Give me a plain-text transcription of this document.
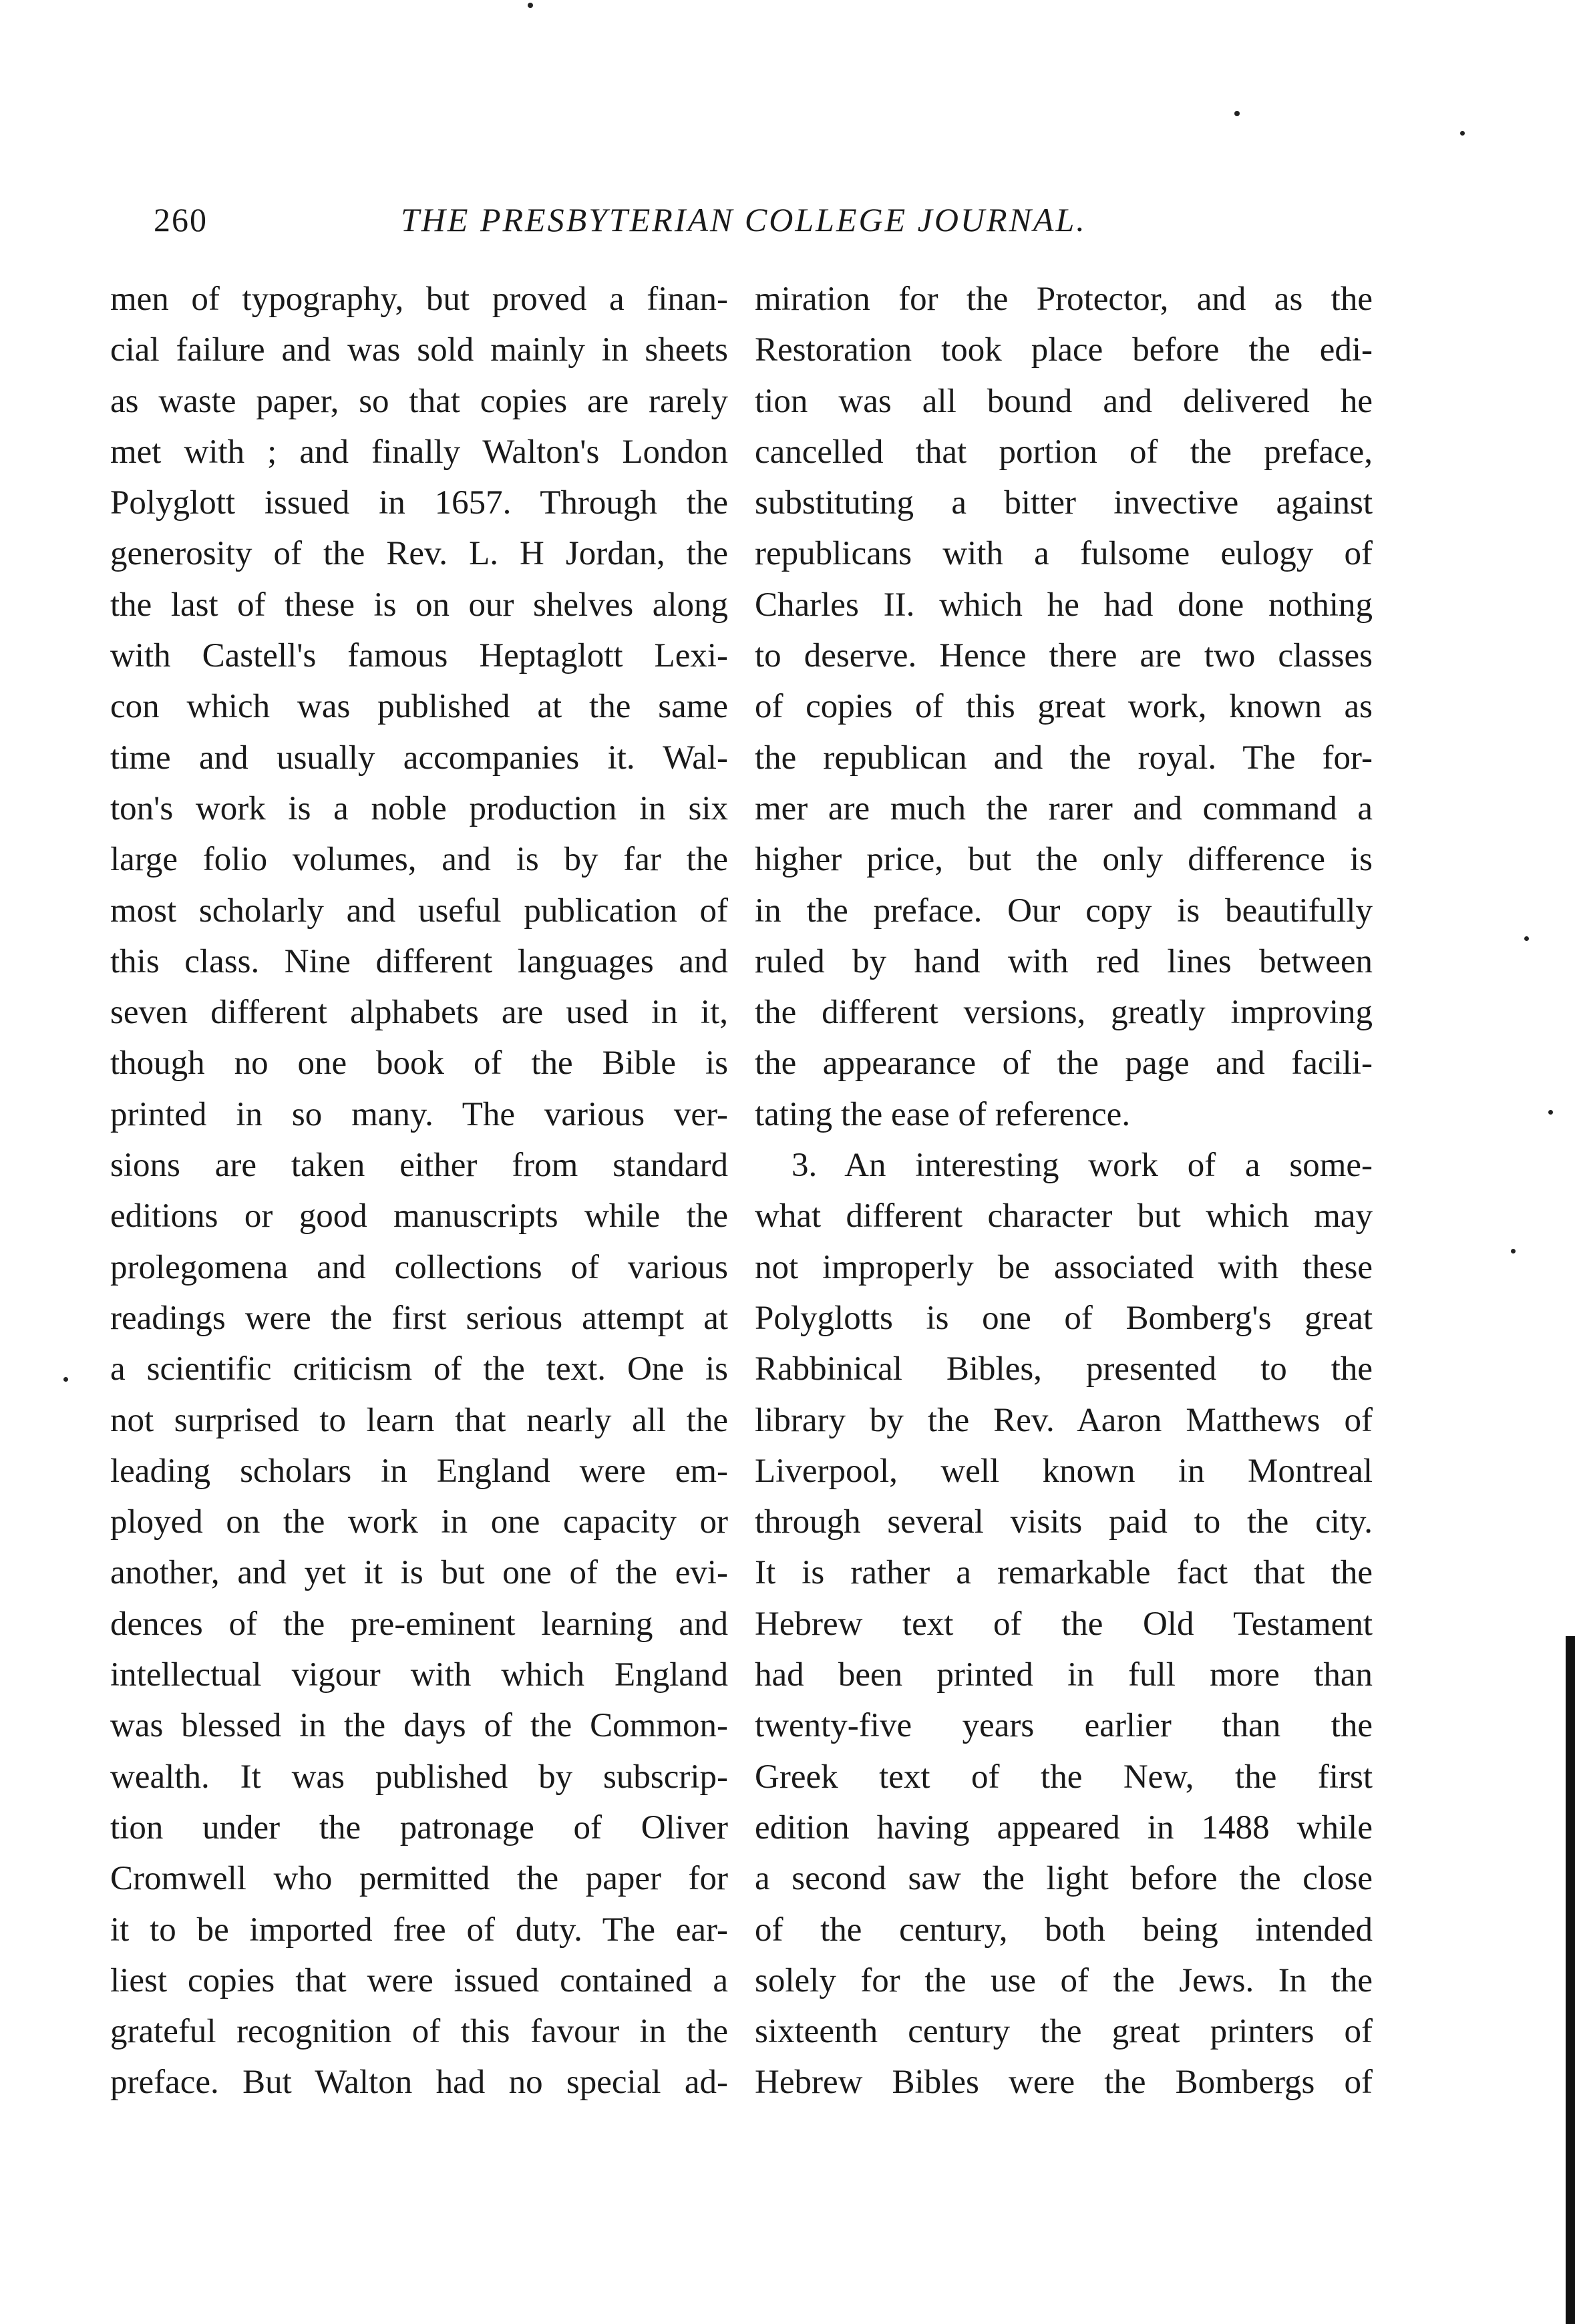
260	THE PRESBYTERIAN COLLEGE JOURNAL.
men of typography, but proved a finan-
cial failure and was sold mainly in sheets
as waste paper, so that copies are rarely
met with ; and finally Walton's London
Polyglott issued in 1657. Through the
generosity of the Rev. L. H Jordan, the
the last of these is on our shelves along
with Castell's famous Heptaglott Lexi-
con which was published at the same
time and usually accompanies it. Wal-
ton's work is a noble production in six
large folio volumes, and is by far the
most scholarly and useful publication of
this class. Nine different languages and
seven different alphabets are used in it,
though no one book of the Bible is
printed in so many. The various ver-
sions are taken either from standard
editions or good manuscripts while the
prolegomena and collections of various
readings were the first serious attempt at
a scientific criticism of the text. One is
not surprised to learn that nearly all the
leading scholars in England were em-
ployed on the work in one capacity or
another, and yet it is but one of the evi-
dences of the pre-eminent learning and
intellectual vigour with which England
was blessed in the days of the Common-
wealth. It was published by subscrip-
tion under the patronage of Oliver
Cromwell who permitted the paper for
it to be imported free of duty. The ear-
liest copies that were issued contained a
grateful recognition of this favour in the
preface. But Walton had no special ad-
miration for the Protector, and as the
Restoration took place before the edi-
tion was all bound and delivered he
cancelled that portion of the preface,
substituting a bitter invective against
republicans with a fulsome eulogy of
Charles II. which he had done nothing
to deserve. Hence there are two classes
of copies of this great work, known as
the republican and the royal. The for-
mer are much the rarer and command a
higher price, but the only difference is
in the preface. Our copy is beautifully
ruled by hand with red lines between
the different versions, greatly improving
the appearance of the page and facili-
tating the ease of reference.
3. An interesting work of a some-
what different character but which may
not improperly be associated with these
Polyglotts is one of Bomberg's great
Rabbinical Bibles, presented to the
library by the Rev. Aaron Matthews of
Liverpool, well known in Montreal
through several visits paid to the city.
It is rather a remarkable fact that the
Hebrew text of the Old Testament
had been printed in full more than
twenty-five years earlier than the
Greek text of the New, the first
edition having appeared in 1488 while
a second saw the light before the close
of the century, both being intended
solely for the use of the Jews. In the
sixteenth century the great printers of
Hebrew Bibles were the Bombergs of
